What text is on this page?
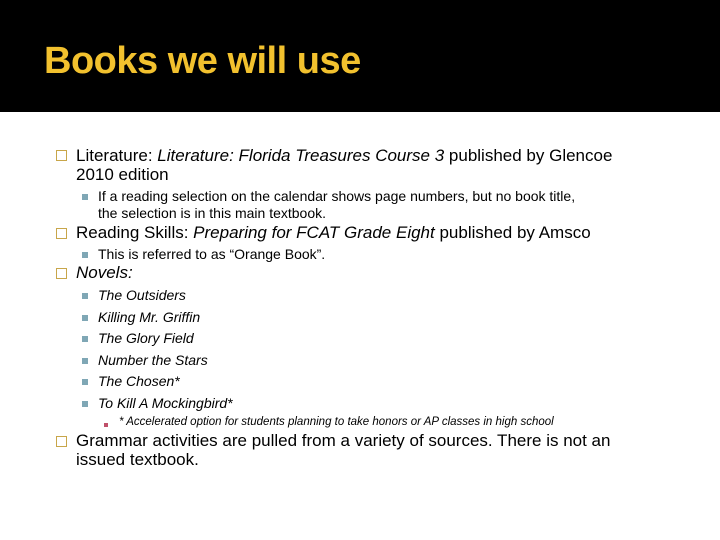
Books we will use
Literature: Literature: Florida Treasures Course 3 published by Glencoe
2010 edition
If a reading selection on the calendar shows page numbers, but no book title,
the selection is in this main textbook.
Reading Skills: Preparing for FCAT Grade Eight published by Amsco
This is referred to as “Orange Book”.
Novels:
The Outsiders
Killing Mr. Griffin
The Glory Field
Number the Stars
The Chosen*
To Kill A Mockingbird*
* Accelerated option for students planning to take honors or AP classes in high school
Grammar activities are pulled from a variety of sources. There is not an
issued textbook.
